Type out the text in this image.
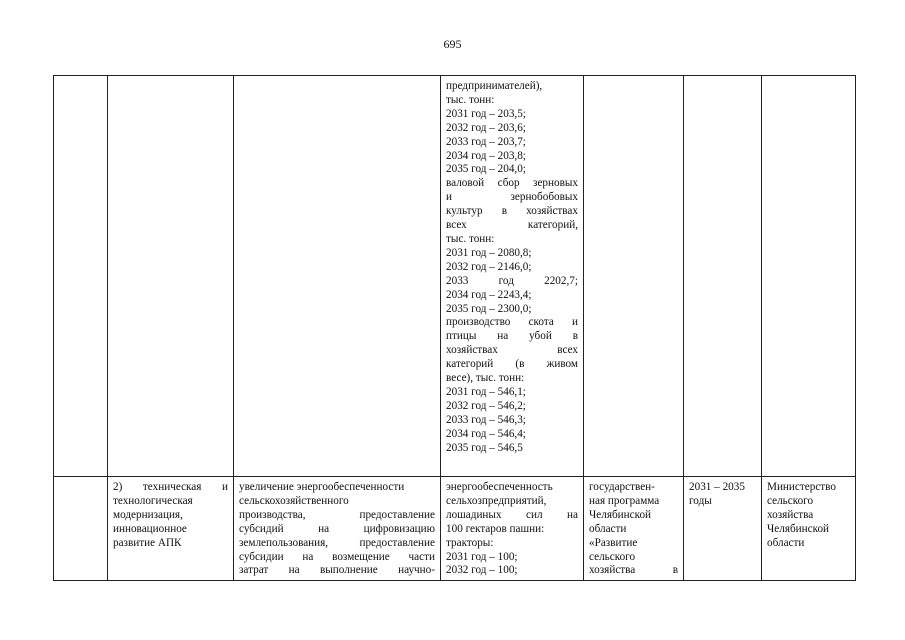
695
предпринимателей),
тыс. тонн:
2031 год – 203,5;
2032 год – 203,6;
2033 год – 203,7;
2034 год – 203,8;
2035 год – 204,0;
валовой сбор зерновых
и зернобобовых
культур в хозяйствах
всех категорий,
тыс. тонн:
2031 год – 2080,8;
2032 год – 2146,0;
2033 год 2202,7;
2034 год – 2243,4;
2035 год – 2300,0;
производство скота и
птицы на убой в
хозяйствах всех
категорий (в живом
весе), тыс. тонн:
2031 год – 546,1;
2032 год – 546,2;
2033 год – 546,3;
2034 год – 546,4;
2035 год – 546,5
2) техническая и
технологическая
модернизация,
инновационное
развитие АПК
увеличение энергообеспеченности
сельскохозяйственного
производства, предоставление
субсидий на цифровизацию
землепользования, предоставление
субсидии на возмещение части
затрат на выполнение научно-
энергообеспеченность
сельхозпредприятий,
лошадиных сил на
100 гектаров пашни:
тракторы:
2031 год – 100;
2032 год – 100;
государствен-
ная программа
Челябинской
области
«Развитие
сельского
хозяйства в
2031 – 2035
годы
Министерство
сельского
хозяйства
Челябинской
области
